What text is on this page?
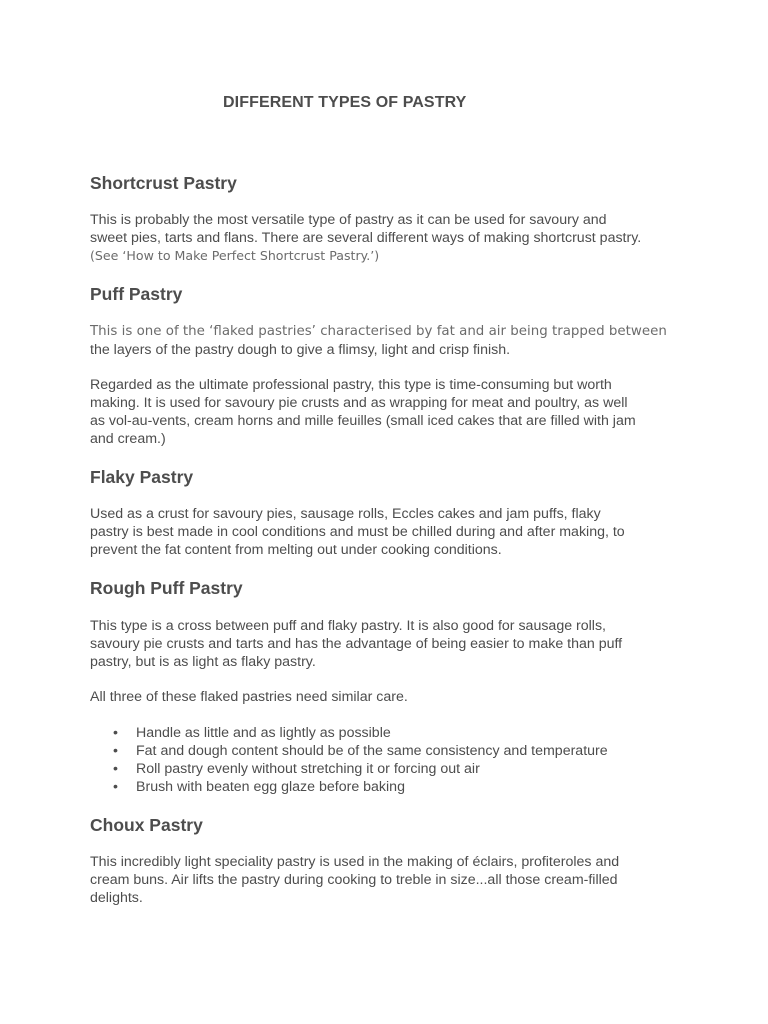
DIFFERENT TYPES OF PASTRY
Shortcrust Pastry
This is probably the most versatile type of pastry as it can be used for savoury and
sweet pies, tarts and flans. There are several different ways of making shortcrust pastry.
(See ‘How to Make Perfect Shortcrust Pastry.’)
Puff Pastry
This is one of the ‘flaked pastries’ characterised by fat and air being trapped between
the layers of the pastry dough to give a flimsy, light and crisp finish.
Regarded as the ultimate professional pastry, this type is time-consuming but worth
making. It is used for savoury pie crusts and as wrapping for meat and poultry, as well
as vol-au-vents, cream horns and mille feuilles (small iced cakes that are filled with jam
and cream.)
Flaky Pastry
Used as a crust for savoury pies, sausage rolls, Eccles cakes and jam puffs, flaky
pastry is best made in cool conditions and must be chilled during and after making, to
prevent the fat content from melting out under cooking conditions.
Rough Puff Pastry
This type is a cross between puff and flaky pastry. It is also good for sausage rolls,
savoury pie crusts and tarts and has the advantage of being easier to make than puff
pastry, but is as light as flaky pastry.
All three of these flaked pastries need similar care.
• Handle as little and as lightly as possible
• Fat and dough content should be of the same consistency and temperature
• Roll pastry evenly without stretching it or forcing out air
• Brush with beaten egg glaze before baking
Choux Pastry
This incredibly light speciality pastry is used in the making of éclairs, profiteroles and
cream buns. Air lifts the pastry during cooking to treble in size...all those cream-filled
delights.
